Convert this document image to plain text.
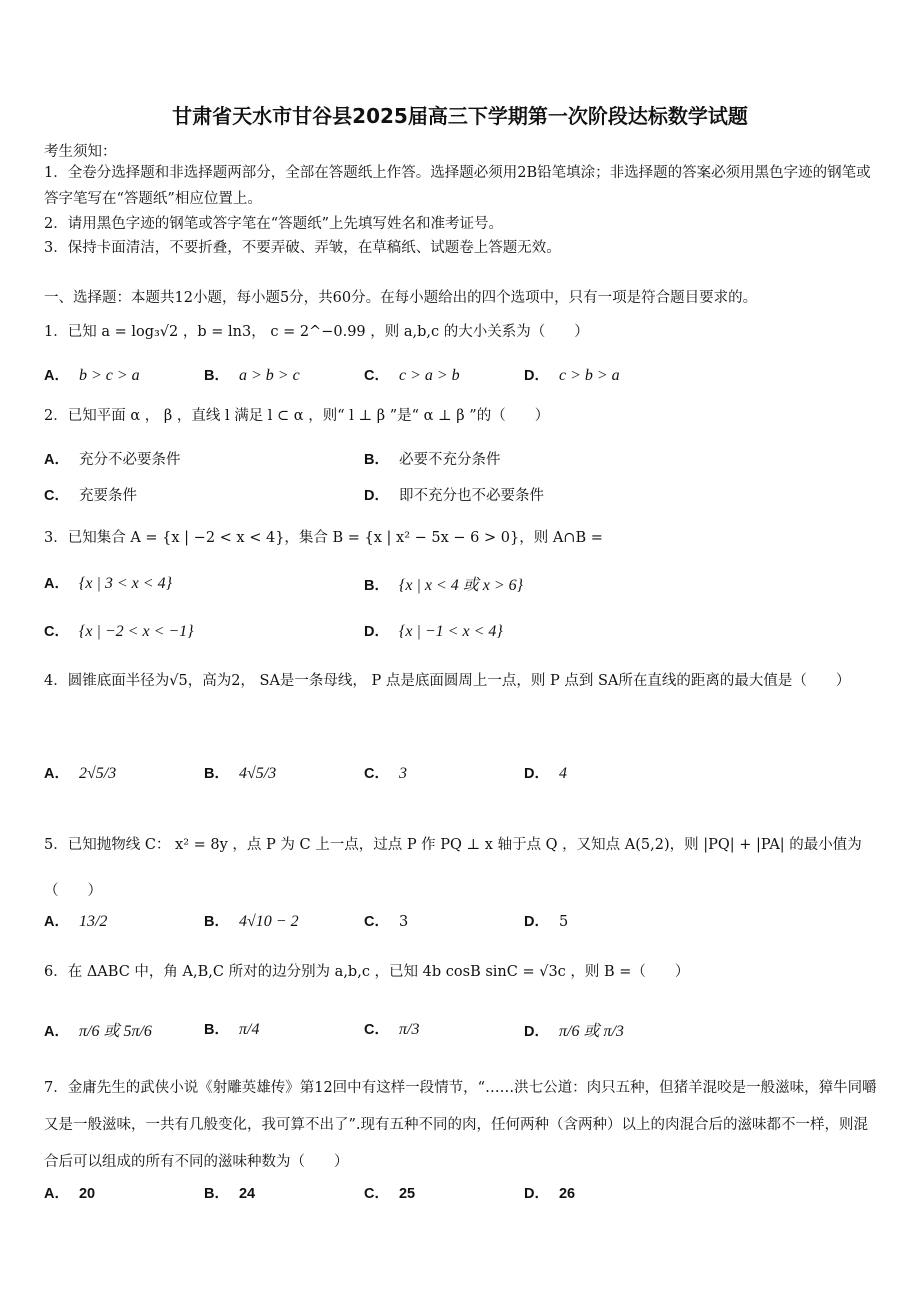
甘肃省天水市甘谷县2025届高三下学期第一次阶段达标数学试题
考生须知：
1．全卷分选择题和非选择题两部分，全部在答题纸上作答。选择题必须用2B铅笔填涂；非选择题的答案必须用黑色字迹的钢笔或答字笔写在“答题纸”相应位置上。
2．请用黑色字迹的钢笔或答字笔在“答题纸”上先填写姓名和准考证号。
3．保持卡面清洁，不要折叠，不要弄破、弄皱，在草稿纸、试题卷上答题无效。
一、选择题：本题共12小题，每小题5分，共60分。在每小题给出的四个选项中，只有一项是符合题目要求的。
1．已知 a = log₃√2 ，b = ln3， c = 2^−0.99 ，则 a,b,c 的大小关系为（　　）
A． b > c > a	B． a > b > c	C． c > a > b	D． c > b > a
2．已知平面 α ， β ，直线 l 满足 l ⊂ α ，则“ l ⊥ β ”是“ α ⊥ β ”的（　　）
A． 充分不必要条件	B． 必要不充分条件
C． 充要条件	D． 即不充分也不必要条件
3．已知集合 A = {x | −2 < x < 4}，集合 B = {x | x² − 5x − 6 > 0}，则 A∩B =
A． {x | 3 < x < 4}	B． {x | x < 4 或 x > 6}
C． {x | −2 < x < −1}	D． {x | −1 < x < 4}
4．圆锥底面半径为√5，高为2， SA是一条母线， P 点是底面圆周上一点，则 P 点到 SA所在直线的距离的最大值是（　　）
A． 2√5/3	B． 4√5/3	C． 3	D． 4
5．已知抛物线 C： x² = 8y ，点 P 为 C 上一点，过点 P 作 PQ ⊥ x 轴于点 Q ，又知点 A(5,2)，则 |PQ| + |PA| 的最小值为（　　）
A． 13/2	B． 4√10 − 2	C． 3	D． 5
6．在 ΔABC 中，角 A,B,C 所对的边分别为 a,b,c ，已知 4b cosB sinC = √3c ，则 B =（　　）
A． π/6 或 5π/6	B． π/4	C． π/3	D． π/6 或 π/3
7．金庸先生的武侠小说《射雕英雄传》第12回中有这样一段情节，“……洪七公道：肉只五种，但猪羊混咬是一般滋味，獐牛同嚼又是一般滋味，一共有几般变化，我可算不出了”.现有五种不同的肉，任何两种（含两种）以上的肉混合后的滋味都不一样，则混合后可以组成的所有不同的滋味种数为（　　）
A． 20	B． 24	C． 25	D． 26
